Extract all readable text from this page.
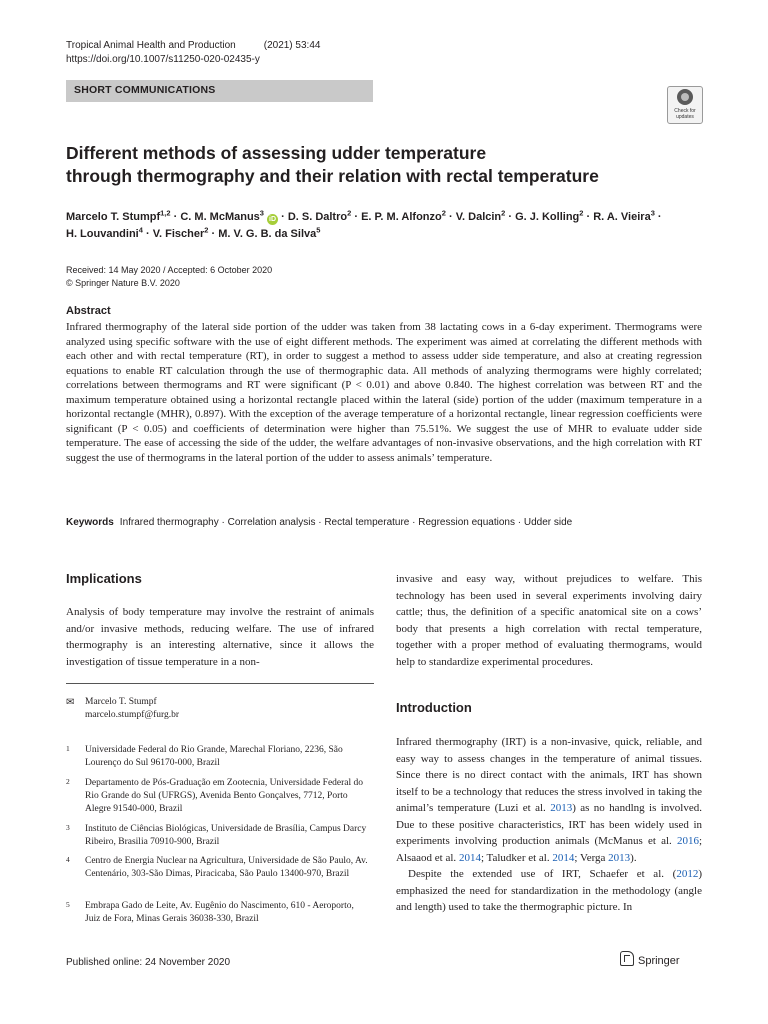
Tropical Animal Health and Production	(2021) 53:44
https://doi.org/10.1007/s11250-020-02435-y
SHORT COMMUNICATIONS
Check for
updates
Different methods of assessing udder temperature
through thermography and their relation with rectal temperature
Marcelo T. Stumpf$^{1,2}$ · C. M. McManus$^3$ iD · D. S. Daltro$^2$ · E. P. M. Alfonzo$^2$ · V. Dalcin$^2$ · G. J. Kolling$^2$ · R. A. Vieira$^3$ ·
H. Louvandini$^4$ · V. Fischer$^2$ · M. V. G. B. da Silva$^5$
Received: 14 May 2020 / Accepted: 6 October 2020
© Springer Nature B.V. 2020
Abstract
Infrared thermography of the lateral side portion of the udder was taken from 38 lactating cows in a 6-day experiment. Thermograms were analyzed using specific software with the use of eight different methods. The experiment was aimed at correlating the different methods with each other and with rectal temperature (RT), in order to suggest a method to assess udder side temperature, and also at creating regression equations to enable RT calculation through the use of thermographic data. All methods of analyzing thermograms were highly correlated; correlations between thermograms and RT were significant (P < 0.01) and above 0.840. The highest correlation was between RT and the maximum temperature obtained using a horizontal rectangle placed within the lateral (side) portion of the udder (maximum temperature in a horizontal rectangle (MHR), 0.897). With the exception of the average temperature of a horizontal rectangle, linear regression coefficients were significant (P < 0.05) and coefficients of determination were higher than 75.51%. We suggest the use of MHR to evaluate udder side temperature. The ease of accessing the side of the udder, the welfare advantages of non-invasive observations, and the high correlation with RT suggest the use of thermograms in the lateral portion of the udder to assess animals’ temperature.
Keywords Infrared thermography · Correlation analysis · Rectal temperature · Regression equations · Udder side
Implications
Analysis of body temperature may involve the restraint of animals and/or invasive methods, reducing welfare. The use of infrared thermography is an interesting alternative, since it allows the investigation of tissue temperature in a non-
✉ Marcelo T. Stumpf
marcelo.stumpf@furg.br
1 Universidade Federal do Rio Grande, Marechal Floriano, 2236, São Lourenço do Sul 96170-000, Brazil
2 Departamento de Pós-Graduação em Zootecnia, Universidade Federal do Rio Grande do Sul (UFRGS), Avenida Bento Gonçalves, 7712, Porto Alegre 91540-000, Brazil
3 Instituto de Ciências Biológicas, Universidade de Brasília, Campus Darcy Ribeiro, Brasilia 70910-900, Brazil
4 Centro de Energia Nuclear na Agricultura, Universidade de São Paulo, Av. Centenário, 303-São Dimas, Piracicaba, São Paulo 13400-970, Brazil
5 Embrapa Gado de Leite, Av. Eugênio do Nascimento, 610 - Aeroporto, Juiz de Fora, Minas Gerais 36038-330, Brazil
invasive and easy way, without prejudices to welfare. This technology has been used in several experiments involving dairy cattle; thus, the definition of a specific anatomical site on a cows’ body that presents a high correlation with rectal temperature, together with a proper method of evaluating thermograms, would help to standardize experimental procedures.
Introduction
Infrared thermography (IRT) is a non-invasive, quick, reliable, and easy way to assess changes in the temperature of animal tissues. Since there is no direct contact with the animals, IRT has shown itself to be a technology that reduces the stress involved in taking the animal’s temperature (Luzi et al. 2013) as no handlng is involved. Due to these positive characteristics, IRT has been widely used in experiments involving production animals (McManus et al. 2016; Alsaaod et al. 2014; Taludker et al. 2014; Verga 2013).
Despite the extended use of IRT, Schaefer et al. (2012) emphasized the need for standardization in the methodology (angle and length) used to take the thermographic picture. In
Published online: 24 November 2020	Springer
